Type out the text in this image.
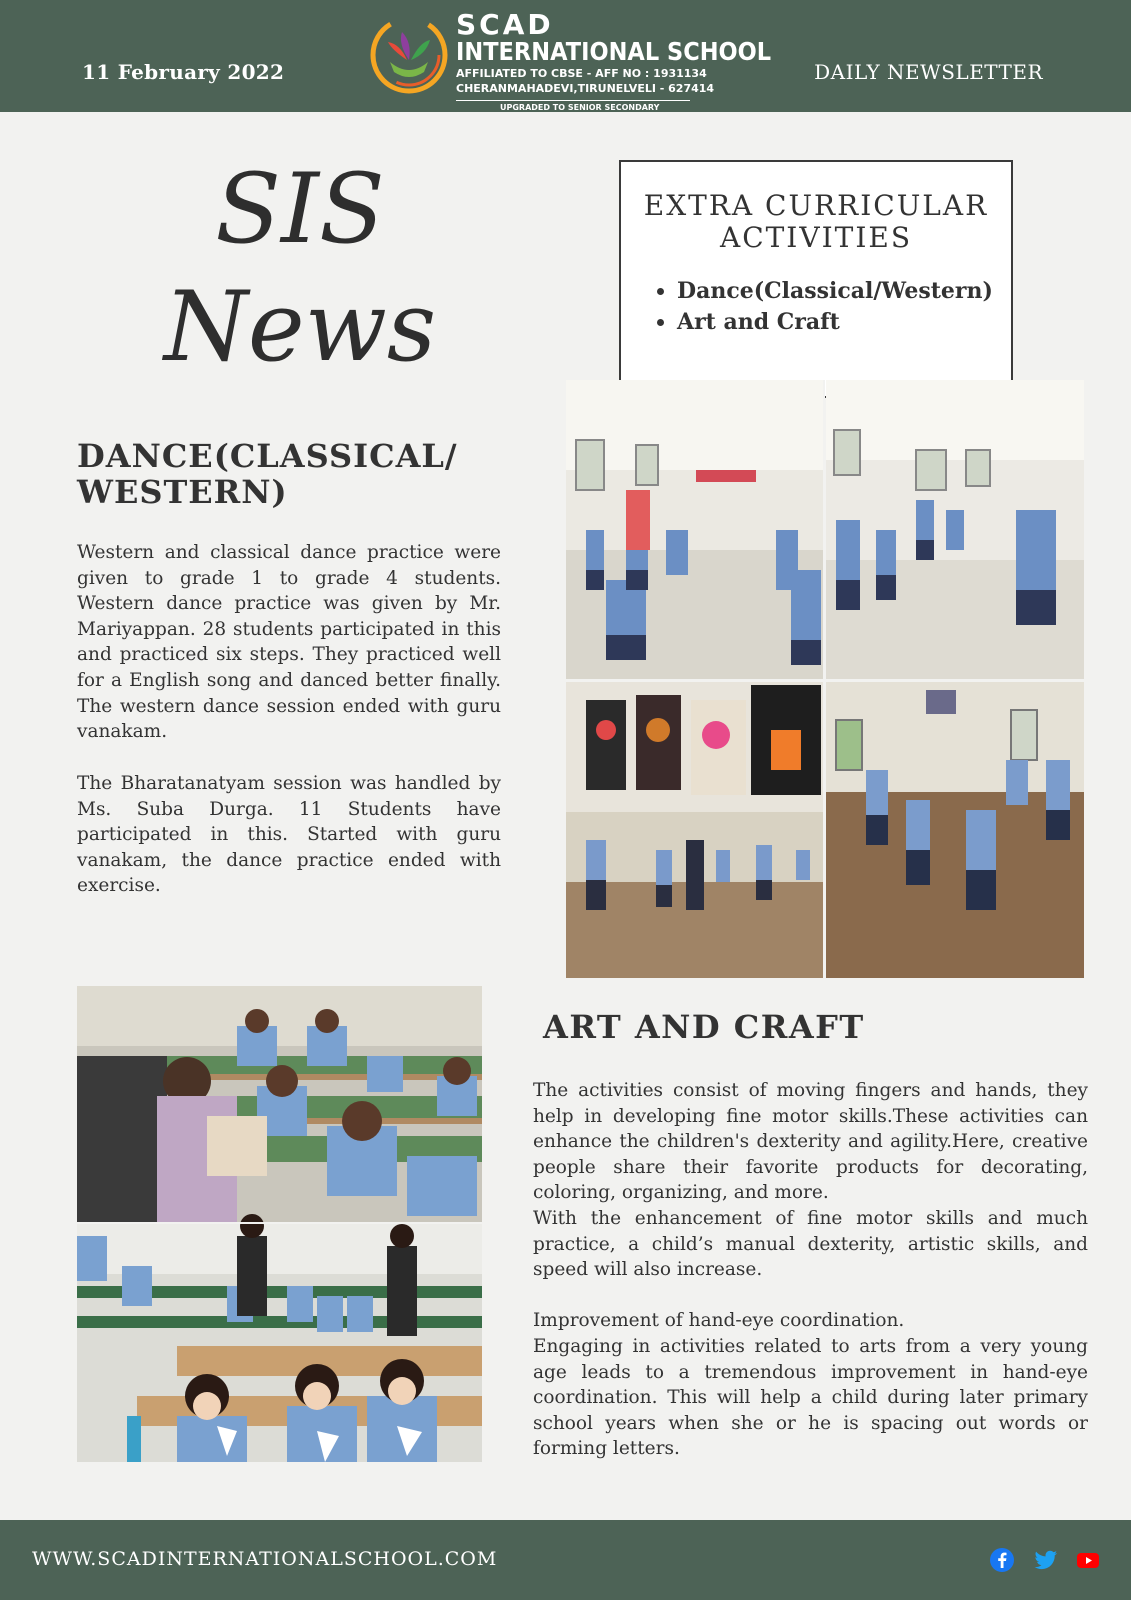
11 February 2022
SCAD
INTERNATIONAL SCHOOL
AFFILIATED TO CBSE - AFF NO : 1931134
CHERANMAHADEVI,TIRUNELVELI - 627414
UPGRADED TO SENIOR SECONDARY
DAILY NEWSLETTER
SIS
News
EXTRA CURRICULAR
ACTIVITIES
• Dance(Classical/Western)
• Art and Craft
DANCE(CLASSICAL/
WESTERN)

Western and classical dance practice were given to grade 1 to grade 4 students. Western dance practice was given by Mr. Mariyappan. 28 students participated in this and practiced six steps. They practiced well for a English song and danced better finally. The western dance session ended with guru vanakam.

The Bharatanatyam session was handled by Ms. Suba Durga. 11 Students have participated in this. Started with guru vanakam, the dance practice ended with exercise.

ART AND CRAFT

The activities consist of moving fingers and hands, they help in developing fine motor skills.These activities can enhance the children's dexterity and agility.Here, creative people share their favorite products for decorating, coloring, organizing, and more.

With the enhancement of fine motor skills and much practice, a child’s manual dexterity, artistic skills, and speed will also increase.

Improvement of hand-eye coordination.

Engaging in activities related to arts from a very young age leads to a tremendous improvement in hand-eye coordination. This will help a child during later primary school years when she or he is spacing out words or forming letters.

WWW.SCADINTERNATIONALSCHOOL.COM
